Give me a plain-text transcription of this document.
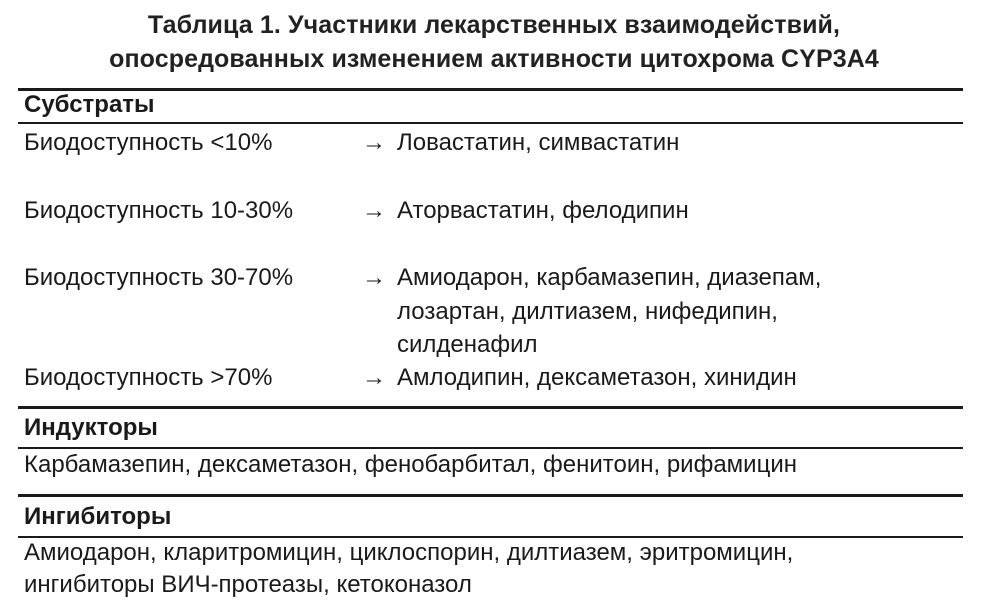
Таблица 1. Участники лекарственных взаимодействий,
опосредованных изменением активности цитохрома CYP3A4
Субстраты
Биодоступность <10%	→ Ловастатин, симвастатин
Биодоступность 10-30%	→ Аторвастатин, фелодипин
Биодоступность 30-70%	→ Амиодарон, карбамазепин, диазепам,
лозартан, дилтиазем, нифедипин,
силденафил
Биодоступность >70%	→ Амлодипин, дексаметазон, хинидин
Индукторы
Карбамазепин, дексаметазон, фенобарбитал, фенитоин, рифамицин
Ингибиторы
Амиодарон, кларитромицин, циклоспорин, дилтиазем, эритромицин,
ингибиторы ВИЧ-протеазы, кетоконазол
